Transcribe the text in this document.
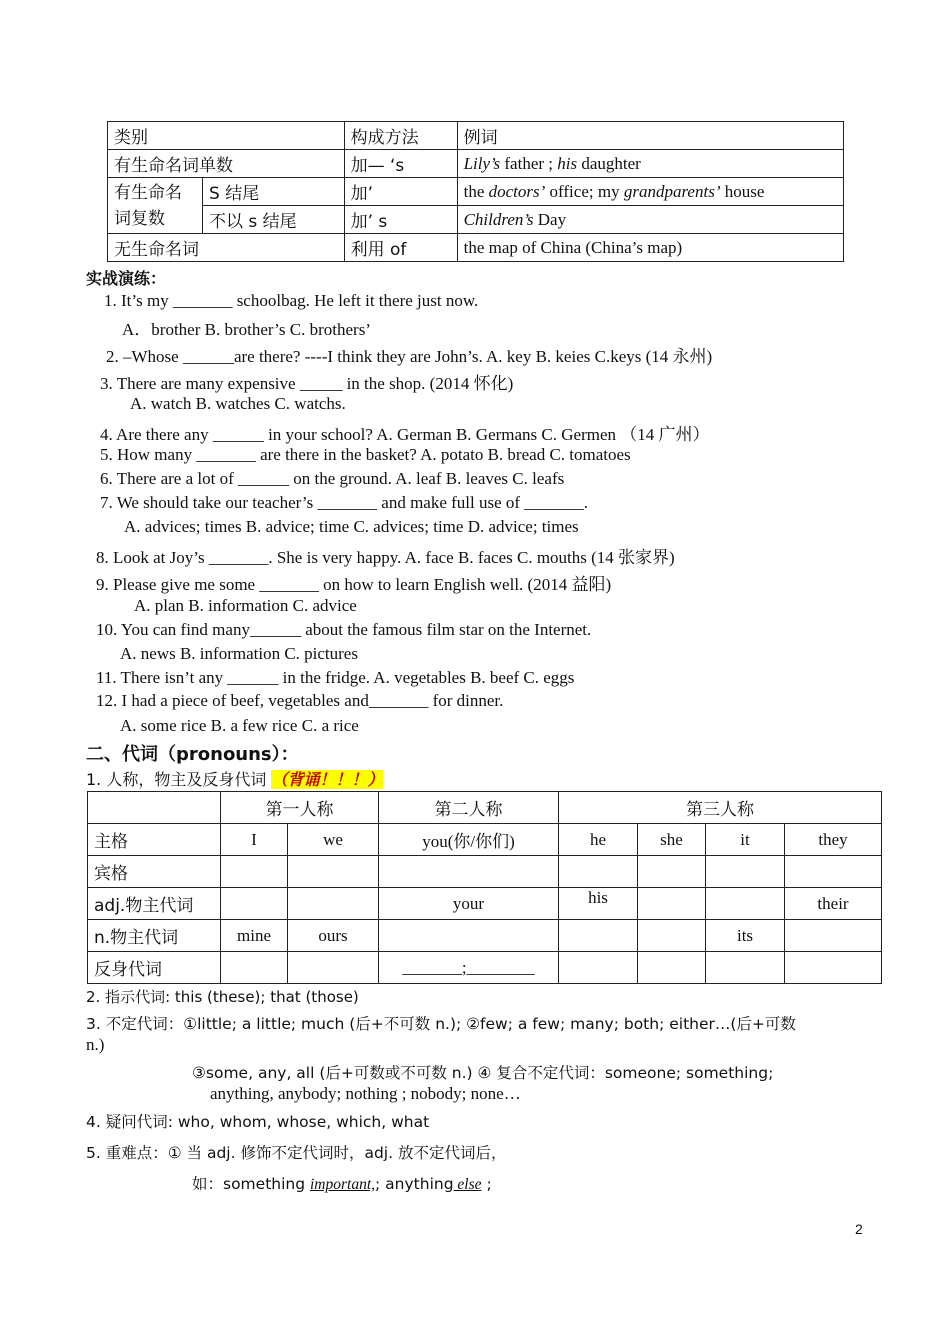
类别		构成方法	例词
有生命名词单数		加— ‘s	Lily’s father ; his daughter
有生命名词复数	S 结尾	加’	the doctors’ office; my grandparents’ house
	不以 s 结尾	加’ s	Children’s Day
无生命名词		利用 of	the map of China (China’s map)
实战演练：
1. It’s my _______ schoolbag. He left it there just now.
A．brother B. brother’s C. brothers’
2. –Whose ______are there? ----I think they are John’s. A. key B. keies C.keys (14 永州)
3. There are many expensive _____ in the shop. (2014 怀化)
A. watch B. watches C. watchs.
4. Are there any ______ in your school? A. German B. Germans C. Germen （14 广州）
5. How many _______ are there in the basket? A. potato B. bread C. tomatoes
6. There are a lot of ______ on the ground. A. leaf B. leaves C. leafs
7. We should take our teacher’s _______ and make full use of _______.
A. advices; times B. advice; time C. advices; time D. advice; times
8. Look at Joy’s _______. She is very happy. A. face B. faces C. mouths (14 张家界)
9. Please give me some _______ on how to learn English well. (2014 益阳)
A. plan B. information C. advice
10. You can find many______ about the famous film star on the Internet.
A. news B. information C. pictures
11. There isn’t any ______ in the fridge. A. vegetables B. beef C. eggs
12. I had a piece of beef, vegetables and_______ for dinner.
A. some rice B. a few rice C. a rice
二、代词（pronouns）：
1. 人称，物主及反身代词 （背诵！！！）
	第一人称		第二人称	第三人称			
主格	I	we	you(你/你们)	he	she	it	they
宾格							
adj.物主代词			your	his			their
n.物主代词	mine	ours				its	
反身代词			_______;________				
2. 指示代词: this (these); that (those)
3. 不定代词：①little; a little; much (后+不可数 n.); ②few; a few; many; both; either…(后+可数
n.)
③some, any, all (后+可数或不可数 n.) ④ 复合不定代词：someone; something;
anything, anybody; nothing ; nobody; none…
4. 疑问代词: who, whom, whose, which, what
5. 重难点：① 当 adj. 修饰不定代词时，adj. 放不定代词后，
如：something important,; anything else ;
2
